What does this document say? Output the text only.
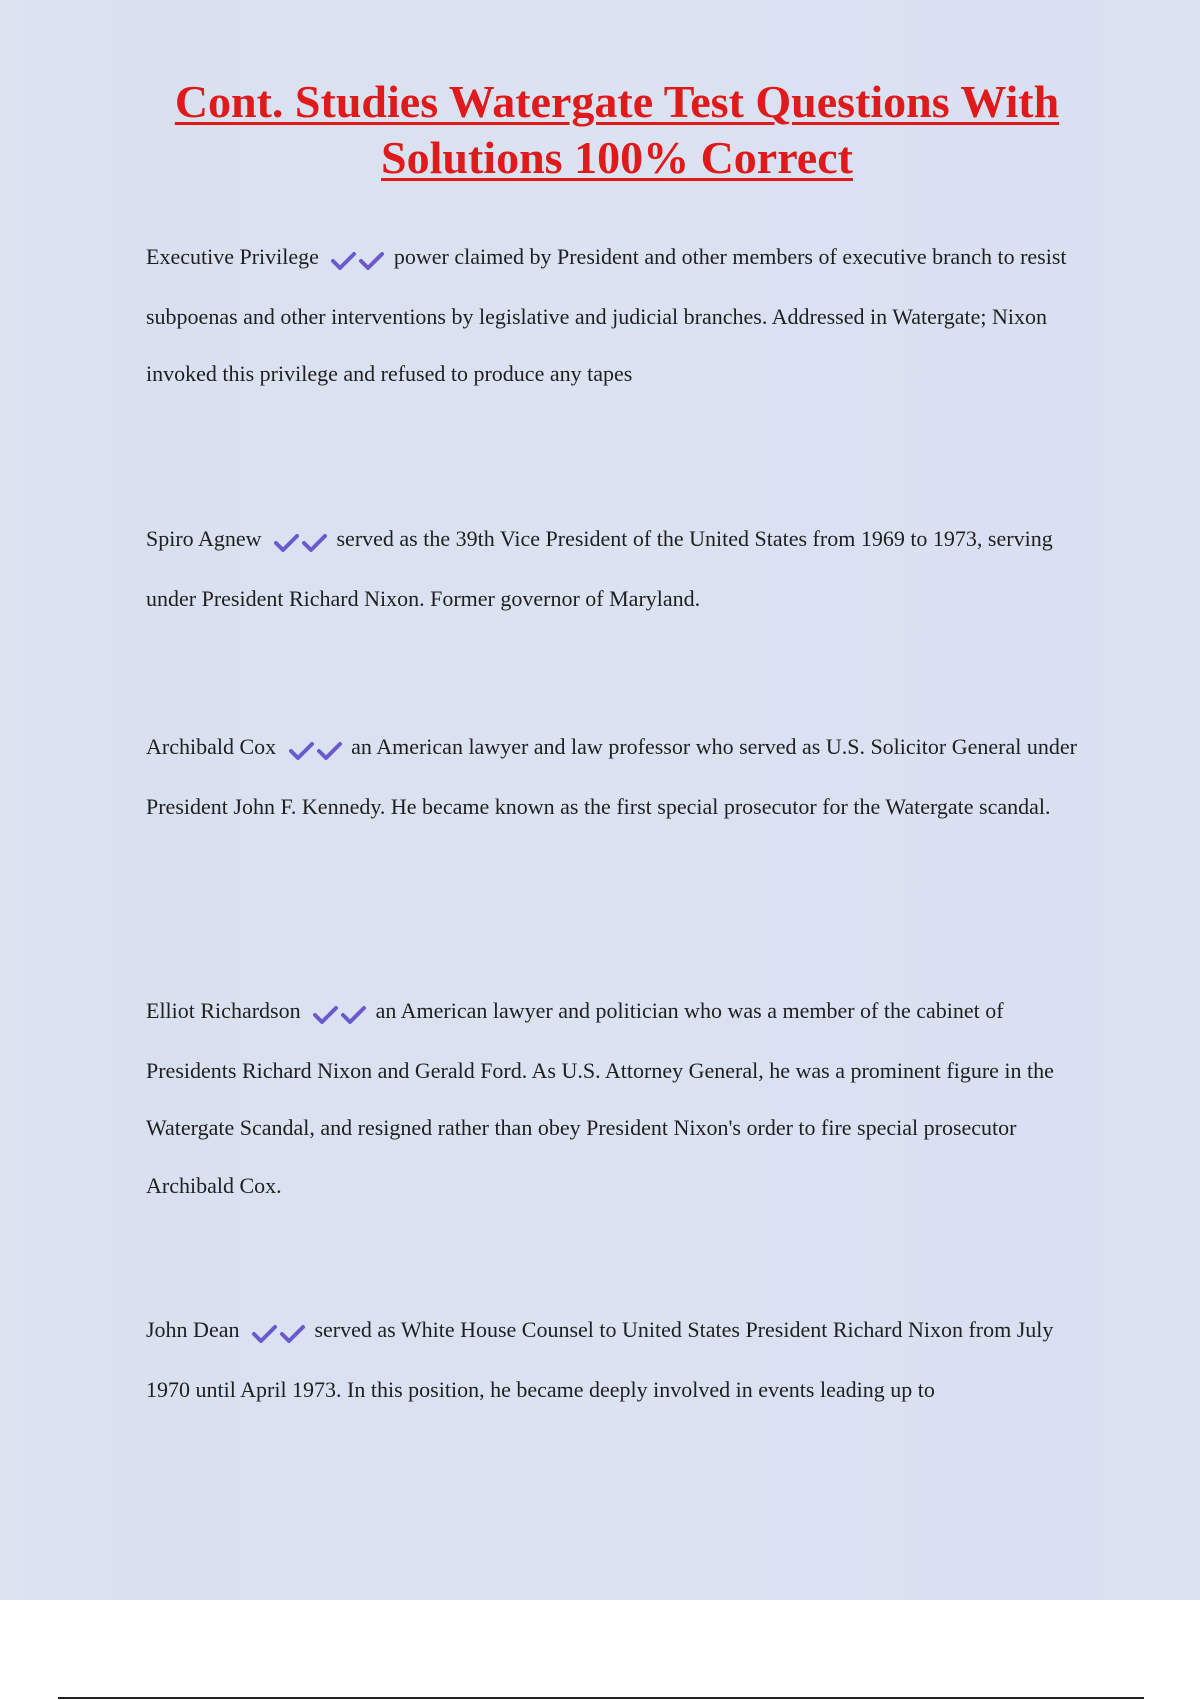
Cont. Studies Watergate Test Questions With Solutions 100% Correct

Executive Privilege	power claimed by President and other members of executive branch to resist subpoenas and other interventions by legislative and judicial branches. Addressed in Watergate; Nixon invoked this privilege and refused to produce any tapes

Spiro Agnew	served as the 39th Vice President of the United States from 1969 to 1973, serving under President Richard Nixon. Former governor of Maryland.

Archibald Cox	an American lawyer and law professor who served as U.S. Solicitor General under President John F. Kennedy. He became known as the first special prosecutor for the Watergate scandal.

Elliot Richardson	an American lawyer and politician who was a member of the cabinet of Presidents Richard Nixon and Gerald Ford. As U.S. Attorney General, he was a prominent figure in the Watergate Scandal, and resigned rather than obey President Nixon's order to fire special prosecutor Archibald Cox.

John Dean	served as White House Counsel to United States President Richard Nixon from July 1970 until April 1973. In this position, he became deeply involved in events leading up to
